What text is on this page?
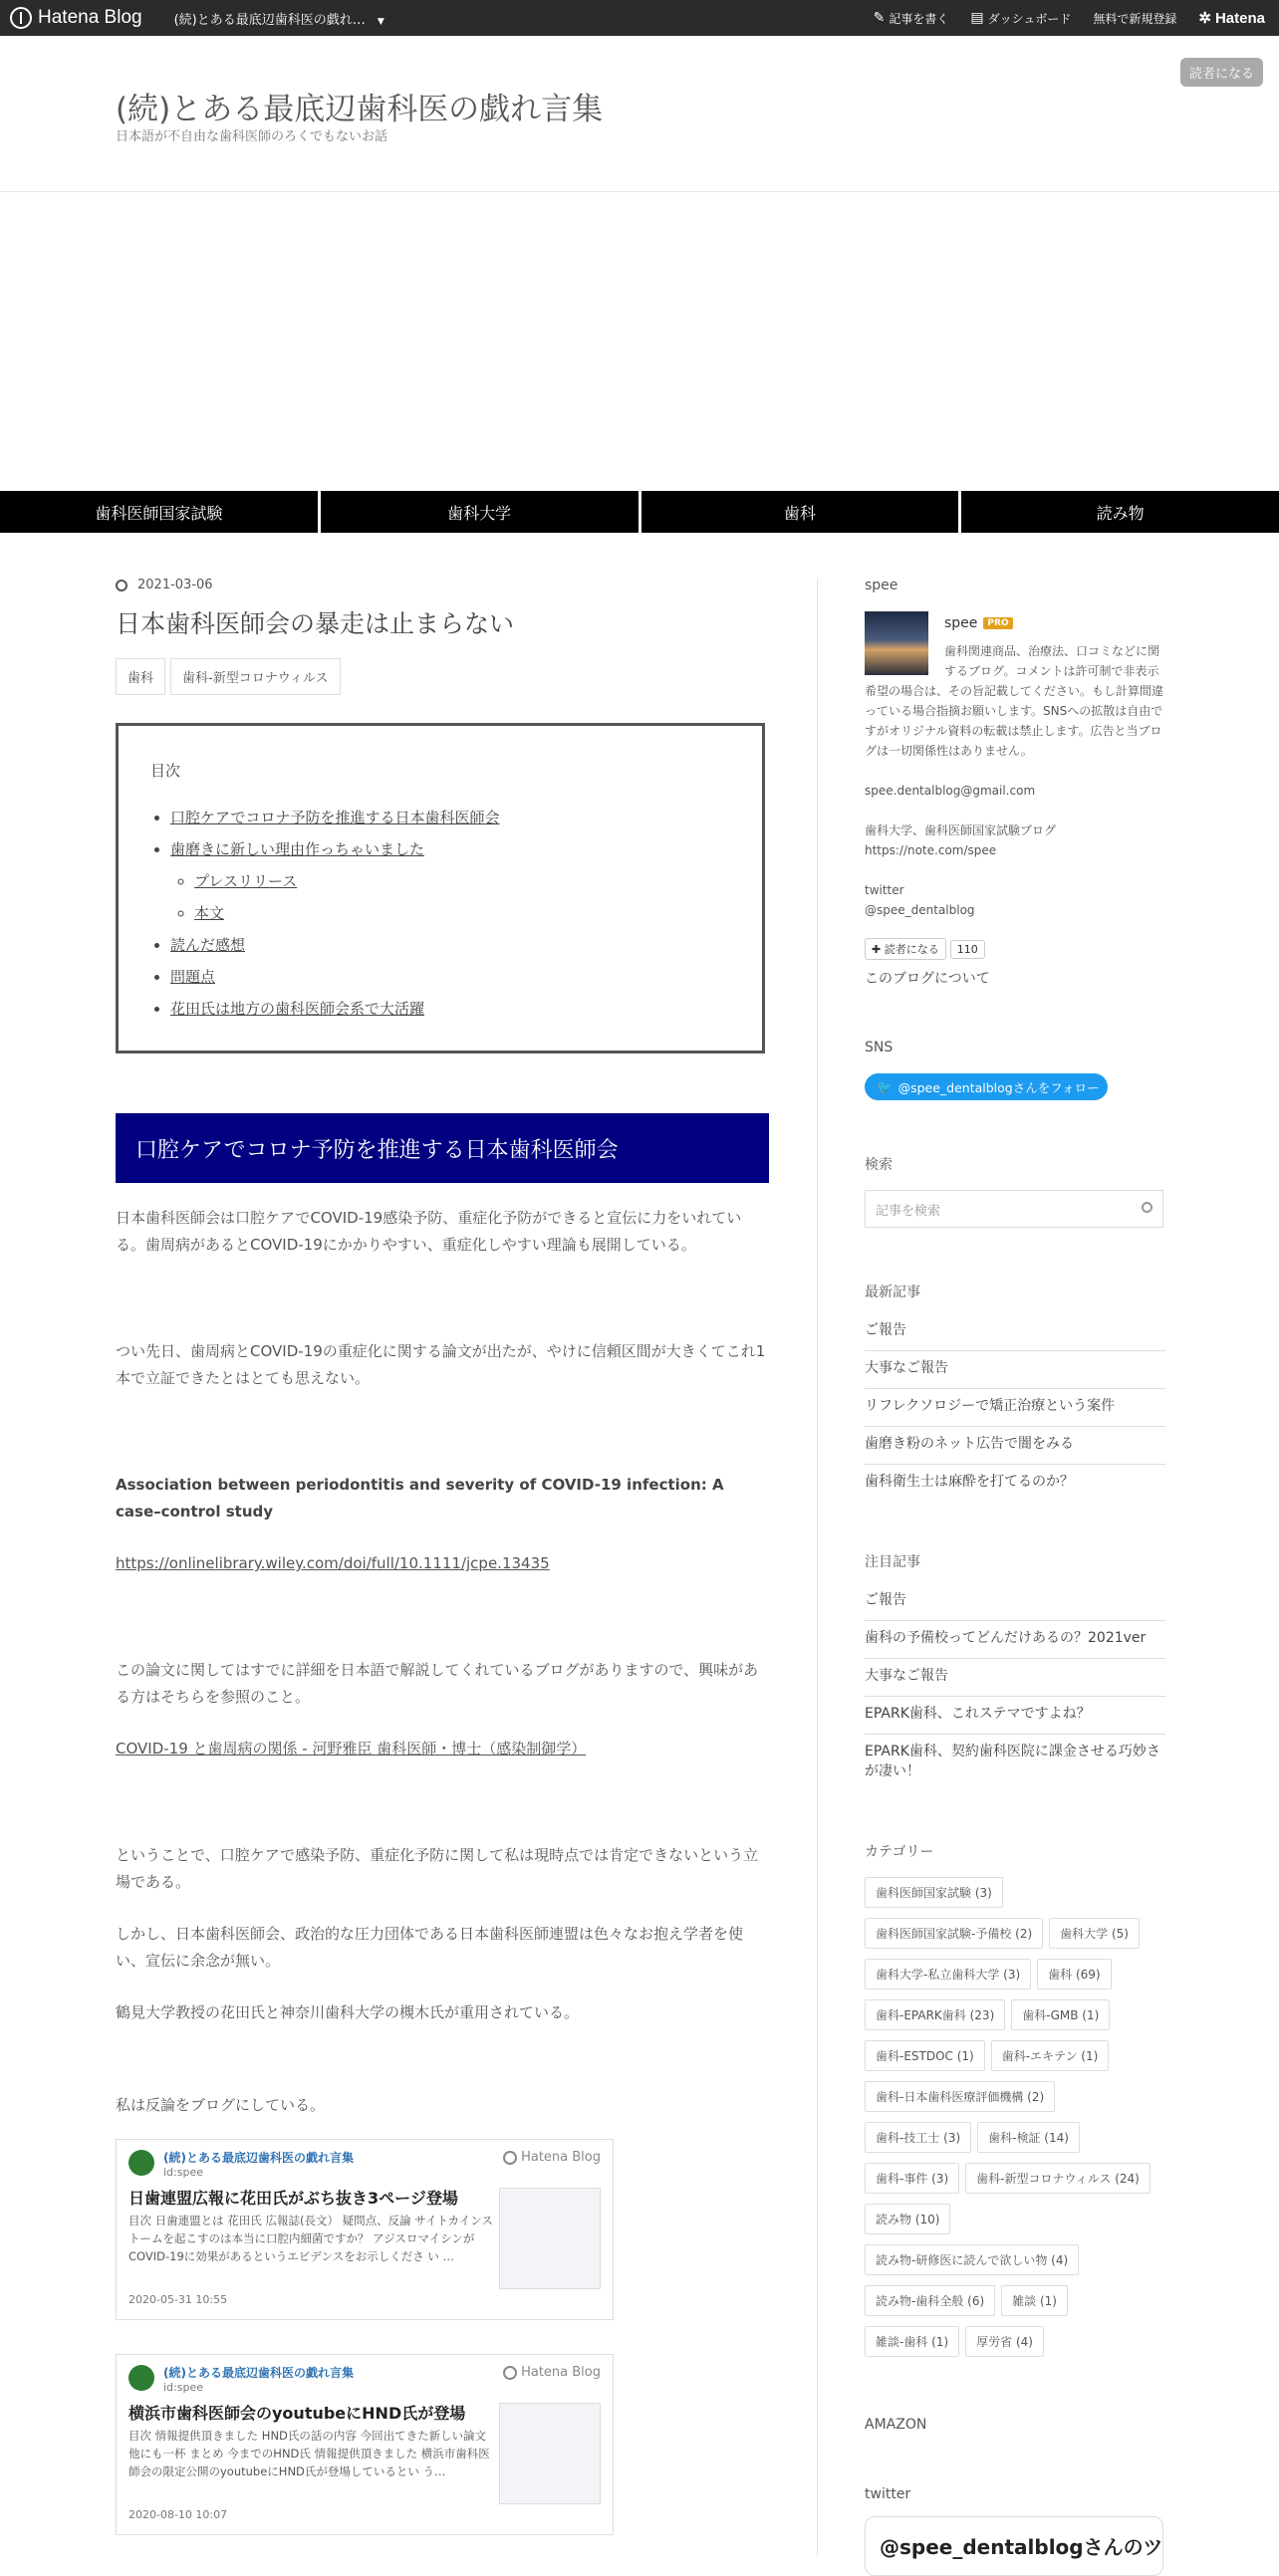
Hatena Blog (続)とある最底辺歯科医の戯れ… ▼	✎ 記事を書く ▤ ダッシュボード 無料で新規登録 ✲ Hatena
読者になる
(続)とある最底辺歯科医の戯れ言集
日本語が不自由な歯科医師のろくでもないお話
歯科医師国家試験	歯科大学	歯科	読み物
2021-03-06
日本歯科医師会の暴走は止まらない
歯科	歯科-新型コロナウィルス
目次
• 口腔ケアでコロナ予防を推進する日本歯科医師会
• 歯磨きに新しい理由作っちゃいました
◦ プレスリリース
◦ 本文
• 読んだ感想
• 問題点
• 花田氏は地方の歯科医師会系で大活躍
口腔ケアでコロナ予防を推進する日本歯科医師会
日本歯科医師会は口腔ケアでCOVID-19感染予防、重症化予防ができると宣伝に力をいれている。歯周病があるとCOVID-19にかかりやすい、重症化しやすい理論も展開している。
つい先日、歯周病とCOVID-19の重症化に関する論文が出たが、やけに信頼区間が大きくてこれ1本で立証できたとはとても思えない。
Association between periodontitis and severity of COVID-19 infection: A case–control study
https://onlinelibrary.wiley.com/doi/full/10.1111/jcpe.13435
この論文に関してはすでに詳細を日本語で解説してくれているブログがありますので、興味がある方はそちらを参照のこと。
COVID-19 と歯周病の関係 - 河野雅臣 歯科医師・博士（感染制御学）
ということで、口腔ケアで感染予防、重症化予防に関して私は現時点では肯定できないという立場である。
しかし、日本歯科医師会、政治的な圧力団体である日本歯科医師連盟は色々なお抱え学者を使い、宣伝に余念が無い。
鶴見大学教授の花田氏と神奈川歯科大学の槻木氏が重用されている。
私は反論をブログにしている。
(続)とある最底辺歯科医の戯れ言集
id:spee
Hatena Blog
日歯連盟広報に花田氏がぶち抜き3ページ登場
目次 日歯連盟とは 花田氏 広報誌(長文） 疑問点、反論 サイトカインストームを起こすのは本当に口腔内細菌ですか？ アジスロマイシンがCOVID-19に効果があるというエビデンスをお示しくださ い …
2020-05-31 10:55
(続)とある最底辺歯科医の戯れ言集
id:spee
Hatena Blog
横浜市歯科医師会のyoutubeにHND氏が登場
目次 情報提供頂きました HND氏の話の内容 今回出てきた新しい論文 他にも一杯 まとめ 今までのHND氏 情報提供頂きました 横浜市歯科医師会の限定公開のyoutubeにHND氏が登場しているとい う…
2020-08-10 10:07
spee
spee	PRO
歯科関連商品、治療法、口コミなどに関するブログ。コメントは許可制で非表示希望の場合は、その旨記載してください。もし計算間違っている場合指摘お願いします。SNSへの拡散は自由ですがオリジナル資料の転載は禁止します。広告と当ブログは一切関係性はありません。
spee.dentalblog@gmail.com
歯科大学、歯科医師国家試験ブログ
https://note.com/spee
twitter
@spee_dentalblog
✚ 読者になる	110
このブログについて
SNS
🐦 @spee_dentalblogさんをフォロー
検索
記事を検索
最新記事
ご報告
大事なご報告
リフレクソロジーで矯正治療という案件
歯磨き粉のネット広告で闇をみる
歯科衛生士は麻酔を打てるのか？
注目記事
ご報告
歯科の予備校ってどんだけあるの？2021ver
大事なご報告
EPARK歯科、これステマですよね？
EPARK歯科、契約歯科医院に課金させる巧妙さが凄い！
カテゴリー
歯科医師国家試験 (3)
歯科医師国家試験-予備校 (2)	歯科大学 (5)
歯科大学-私立歯科大学 (3)	歯科 (69)
歯科-EPARK歯科 (23)	歯科-GMB (1)
歯科-ESTDOC (1)	歯科-エキテン (1)
歯科-日本歯科医療評価機構 (2)
歯科-技工士 (3)	歯科-検証 (14)
歯科-事件 (3)	歯科-新型コロナウィルス (24)
読み物 (10)
読み物-研修医に読んで欲しい物 (4)
読み物-歯科全般 (6)	雑談 (1)
雑談-歯科 (1)	厚労省 (4)
AMAZON
twitter
@spee_dentalblogさんのツ
